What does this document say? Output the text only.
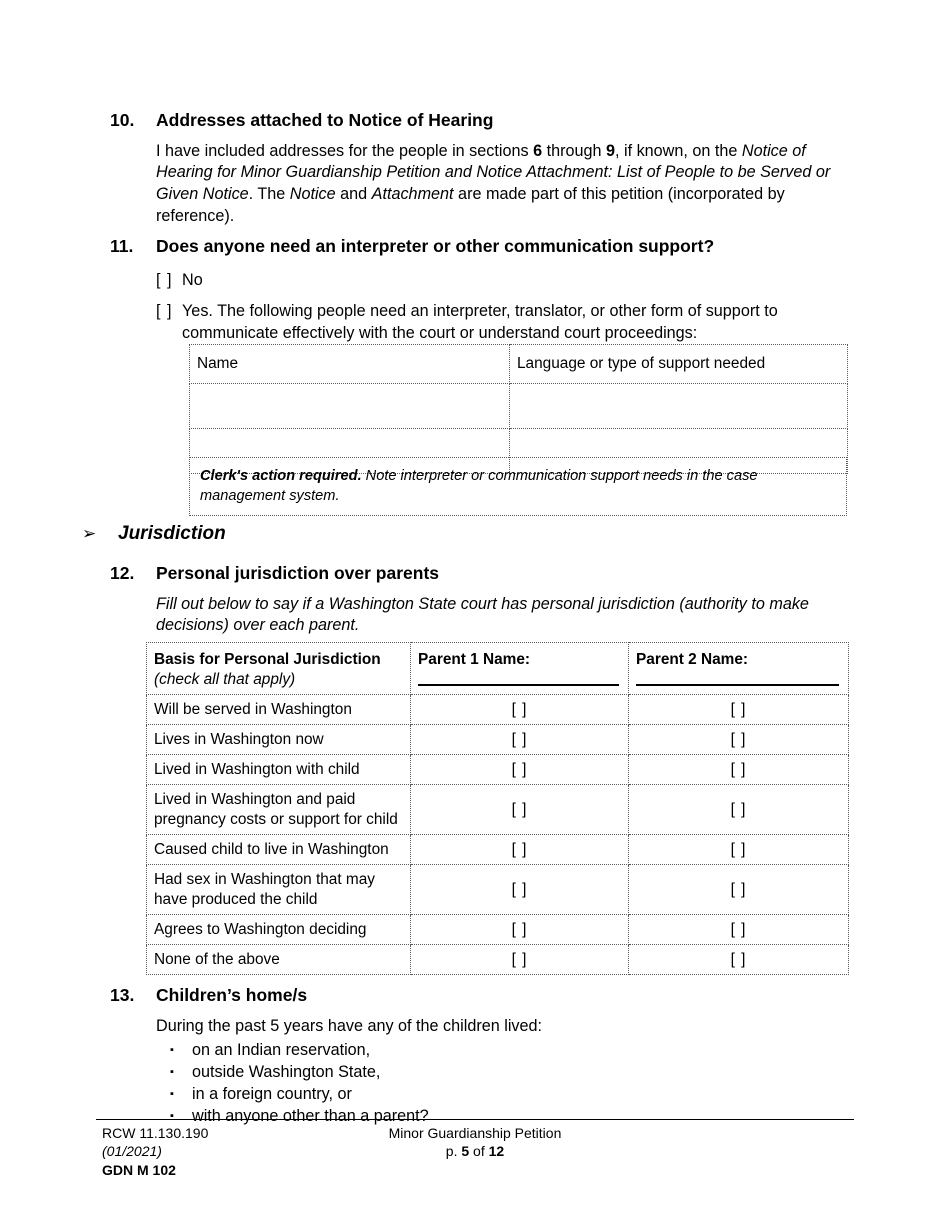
10.	Addresses attached to Notice of Hearing
I have included addresses for the people in sections 6 through 9, if known, on the Notice of Hearing for Minor Guardianship Petition and Notice Attachment: List of People to be Served or Given Notice. The Notice and Attachment are made part of this petition (incorporated by reference).
11.	Does anyone need an interpreter or other communication support?
[ ] No
[ ] Yes. The following people need an interpreter, translator, or other form of support to communicate effectively with the court or understand court proceedings:
Name	Language or type of support needed

Clerk's action required. Note interpreter or communication support needs in the case management system.
➢	Jurisdiction
12.	Personal jurisdiction over parents
Fill out below to say if a Washington State court has personal jurisdiction (authority to make decisions) over each parent.
Basis for Personal Jurisdiction
(check all that apply)	Parent 1 Name:	Parent 2 Name:

Will be served in Washington	[ ]	[ ]
Lives in Washington now	[ ]	[ ]
Lived in Washington with child	[ ]	[ ]
Lived in Washington and paid pregnancy costs or support for child	[ ]	[ ]
Caused child to live in Washington	[ ]	[ ]
Had sex in Washington that may have produced the child	[ ]	[ ]
Agrees to Washington deciding	[ ]	[ ]
None of the above	[ ]	[ ]
13.	Children’s home/s
During the past 5 years have any of the children lived:
▪	on an Indian reservation,
▪	outside Washington State,
▪	in a foreign country, or
▪	with anyone other than a parent?
RCW 11.130.190
(01/2021)
GDN M 102
Minor Guardianship Petition
p. 5 of 12
